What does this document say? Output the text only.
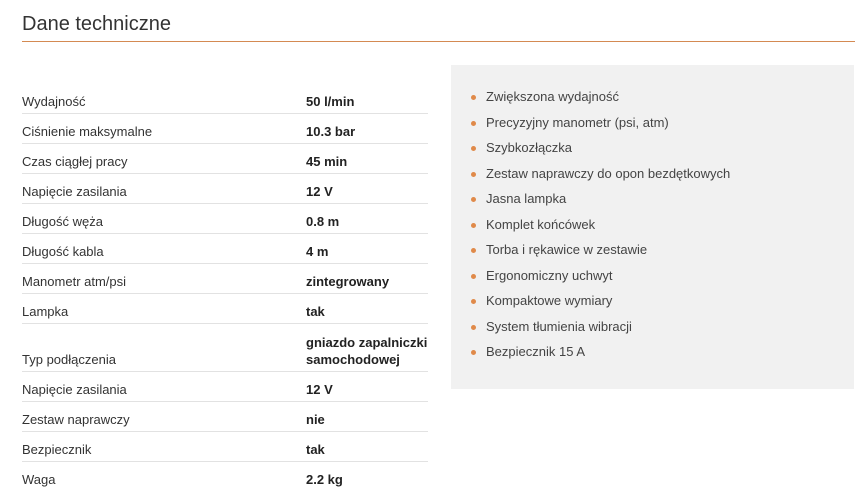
Dane techniczne
Wydajność	50 l/min
Ciśnienie maksymalne	10.3 bar
Czas ciągłej pracy	45 min
Napięcie zasilania	12 V
Długość węża	0.8 m
Długość kabla	4 m
Manometr atm/psi	zintegrowany
Lampka	tak
Typ podłączenia	gniazdo zapalniczki samochodowej
Napięcie zasilania	12 V
Zestaw naprawczy	nie
Bezpiecznik	tak
Waga	2.2 kg
Zwiększona wydajność
Precyzyjny manometr (psi, atm)
Szybkozłączka
Zestaw naprawczy do opon bezdętkowych
Jasna lampka
Komplet końcówek
Torba i rękawice w zestawie
Ergonomiczny uchwyt
Kompaktowe wymiary
System tłumienia wibracji
Bezpiecznik 15 A
